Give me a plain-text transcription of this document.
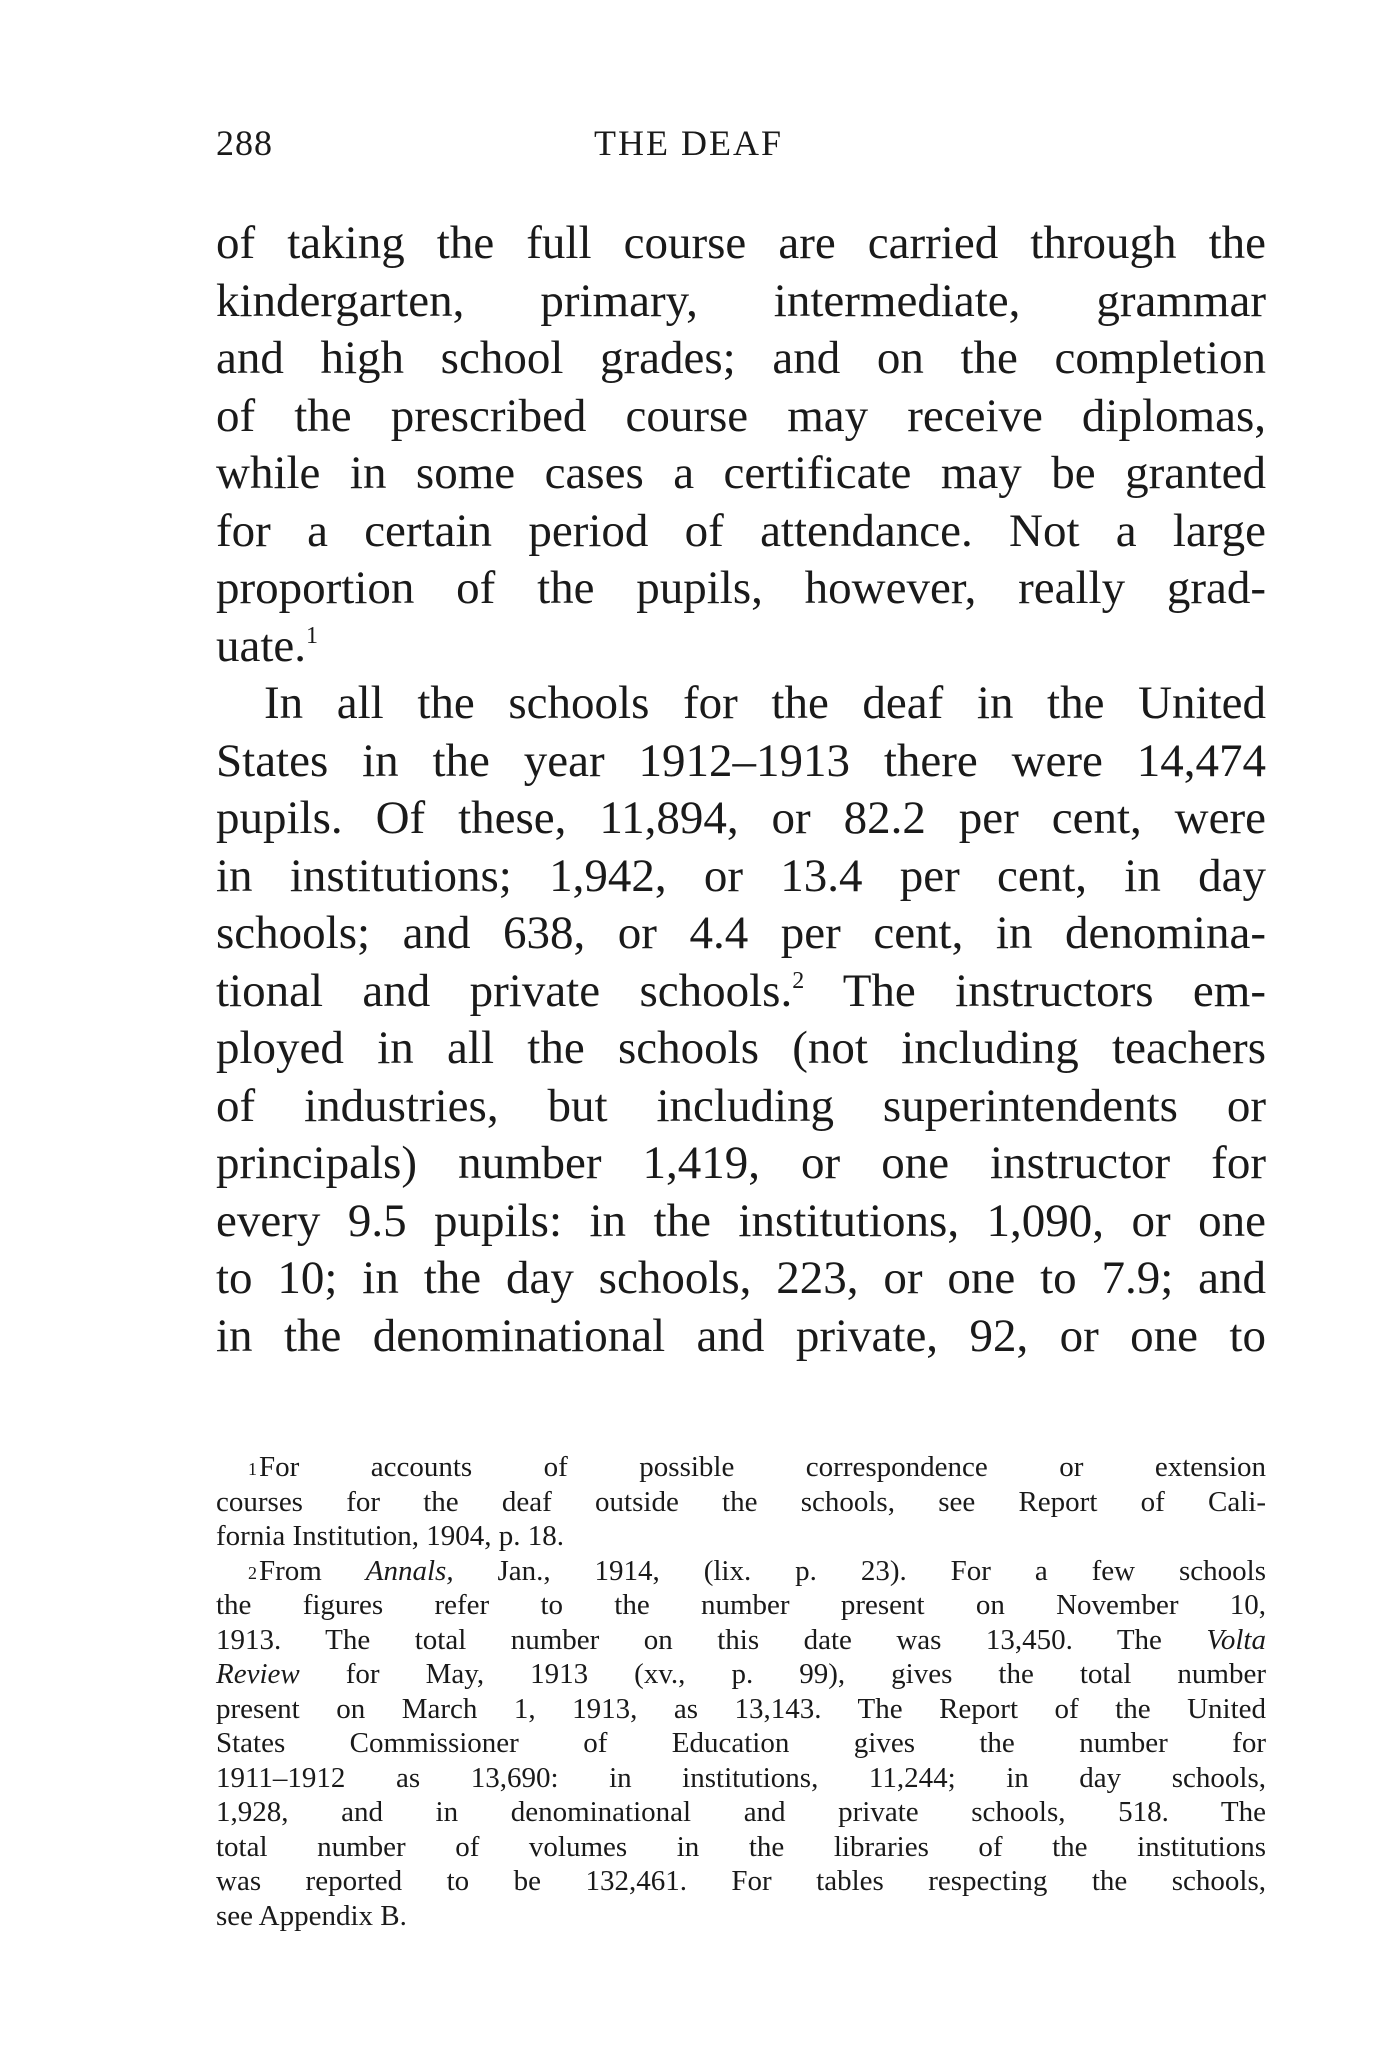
288	THE DEAF
of taking the full course are carried through the
kindergarten, primary, intermediate, grammar
and high school grades; and on the completion
of the prescribed course may receive diplomas,
while in some cases a certificate may be granted
for a certain period of attendance. Not a large
proportion of the pupils, however, really grad-
uate.$^1$
In all the schools for the deaf in the United
States in the year 1912–1913 there were 14,474
pupils. Of these, 11,894, or 82.2 per cent, were
in institutions; 1,942, or 13.4 per cent, in day
schools; and 638, or 4.4 per cent, in denomina-
tional and private schools.$^2$ The instructors em-
ployed in all the schools (not including teachers
of industries, but including superintendents or
principals) number 1,419, or one instructor for
every 9.5 pupils: in the institutions, 1,090, or one
to 10; in the day schools, 223, or one to 7.9; and
in the denominational and private, 92, or one to
$^1$For accounts of possible correspondence or extension
courses for the deaf outside the schools, see Report of Cali-
fornia Institution, 1904, p. 18.
$^2$From Annals, Jan., 1914, (lix. p. 23). For a few schools
the figures refer to the number present on November 10,
1913. The total number on this date was 13,450. The Volta
Review for May, 1913 (xv., p. 99), gives the total number
present on March 1, 1913, as 13,143. The Report of the United
States Commissioner of Education gives the number for
1911–1912 as 13,690: in institutions, 11,244; in day schools,
1,928, and in denominational and private schools, 518. The
total number of volumes in the libraries of the institutions
was reported to be 132,461. For tables respecting the schools,
see Appendix B.
